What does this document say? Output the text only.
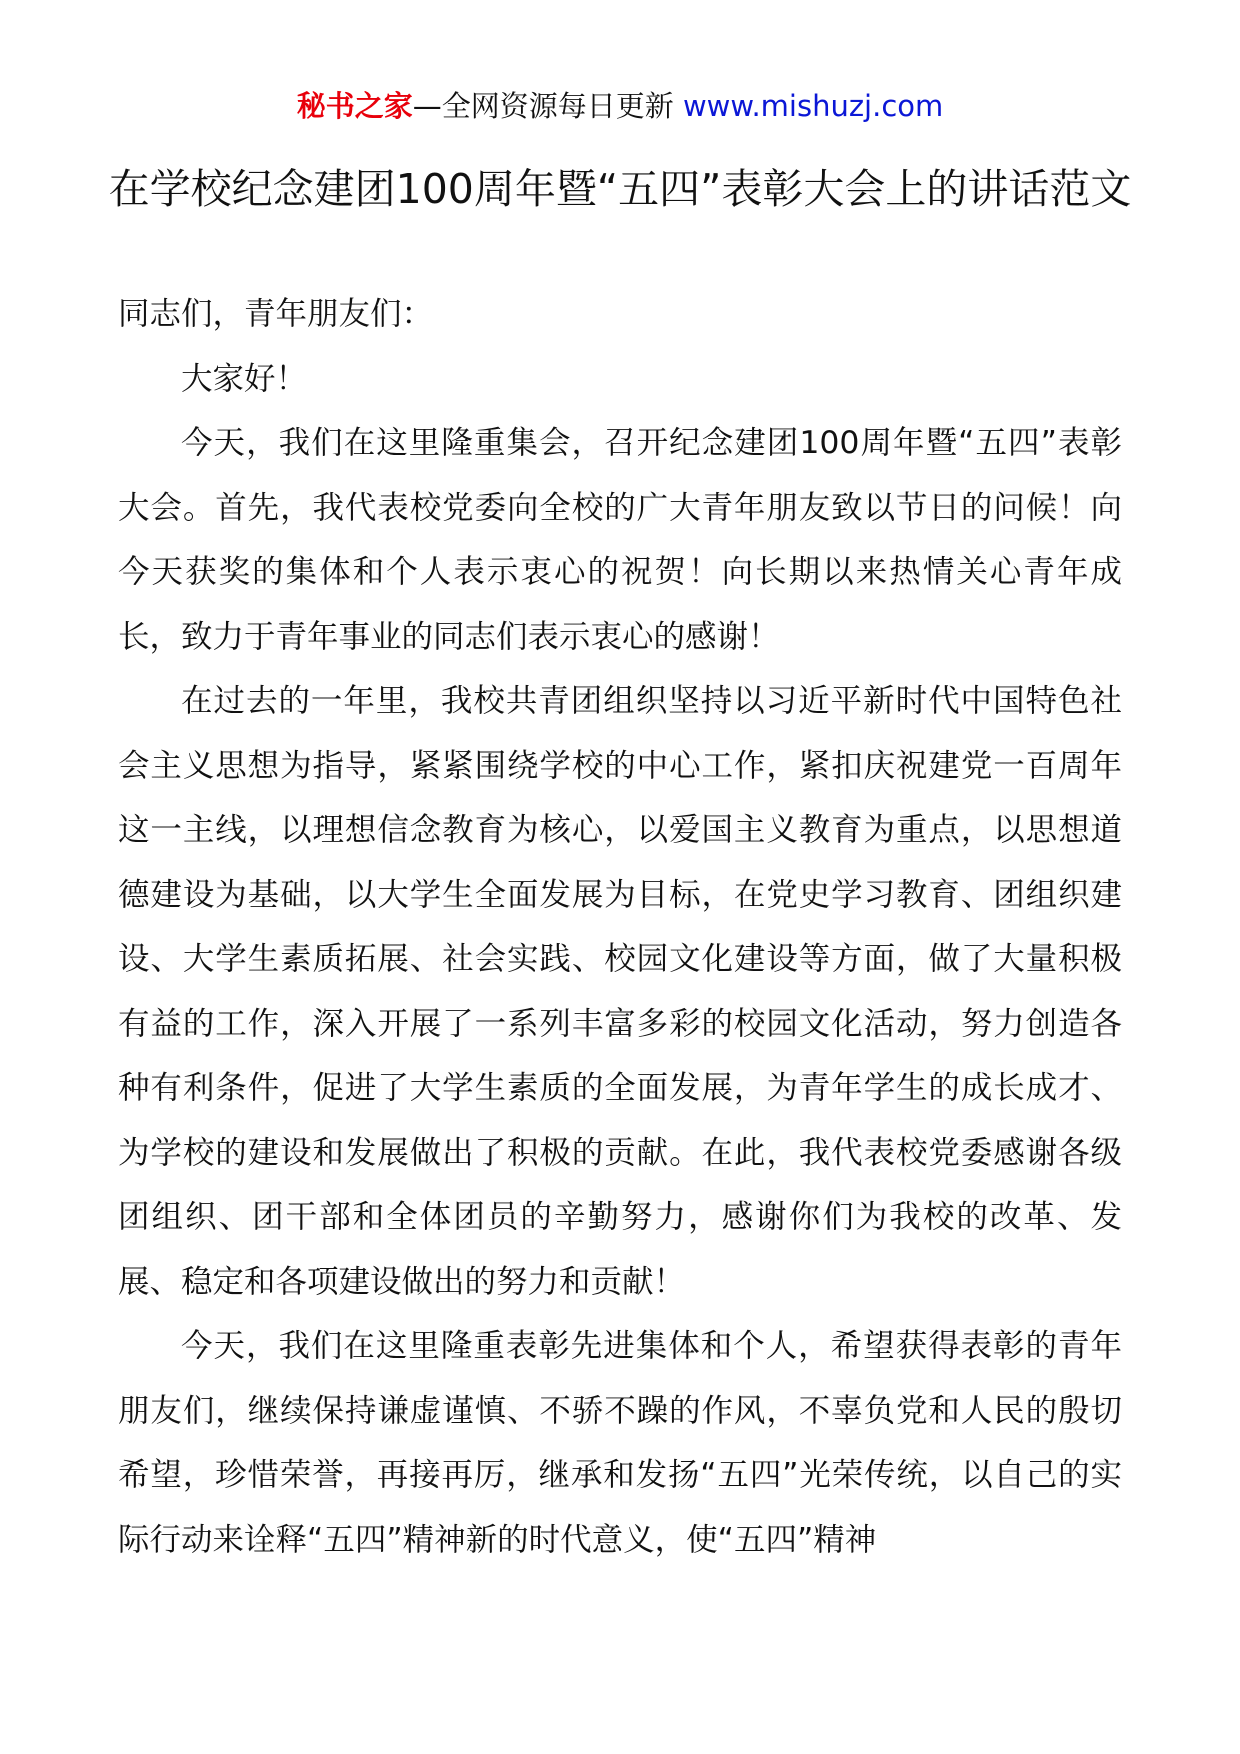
秘书之家—全网资源每日更新 www.mishuzj.com
在学校纪念建团100周年暨“五四”表彰大会上的讲话范文

同志们，青年朋友们：

大家好！

今天，我们在这里隆重集会，召开纪念建团100周年暨“五四”表彰大会。首先，我代表校党委向全校的广大青年朋友致以节日的问候！向今天获奖的集体和个人表示衷心的祝贺！向长期以来热情关心青年成长，致力于青年事业的同志们表示衷心的感谢！

在过去的一年里，我校共青团组织坚持以习近平新时代中国特色社会主义思想为指导，紧紧围绕学校的中心工作，紧扣庆祝建党一百周年这一主线，以理想信念教育为核心，以爱国主义教育为重点，以思想道德建设为基础，以大学生全面发展为目标，在党史学习教育、团组织建设、大学生素质拓展、社会实践、校园文化建设等方面，做了大量积极有益的工作，深入开展了一系列丰富多彩的校园文化活动，努力创造各种有利条件，促进了大学生素质的全面发展，为青年学生的成长成才、为学校的建设和发展做出了积极的贡献。在此，我代表校党委感谢各级团组织、团干部和全体团员的辛勤努力，感谢你们为我校的改革、发展、稳定和各项建设做出的努力和贡献！

今天，我们在这里隆重表彰先进集体和个人，希望获得表彰的青年朋友们，继续保持谦虚谨慎、不骄不躁的作风，不辜负党和人民的殷切希望，珍惜荣誉，再接再厉，继承和发扬“五四”光荣传统，以自己的实际行动来诠释“五四”精神新的时代意义，使“五四”精神
